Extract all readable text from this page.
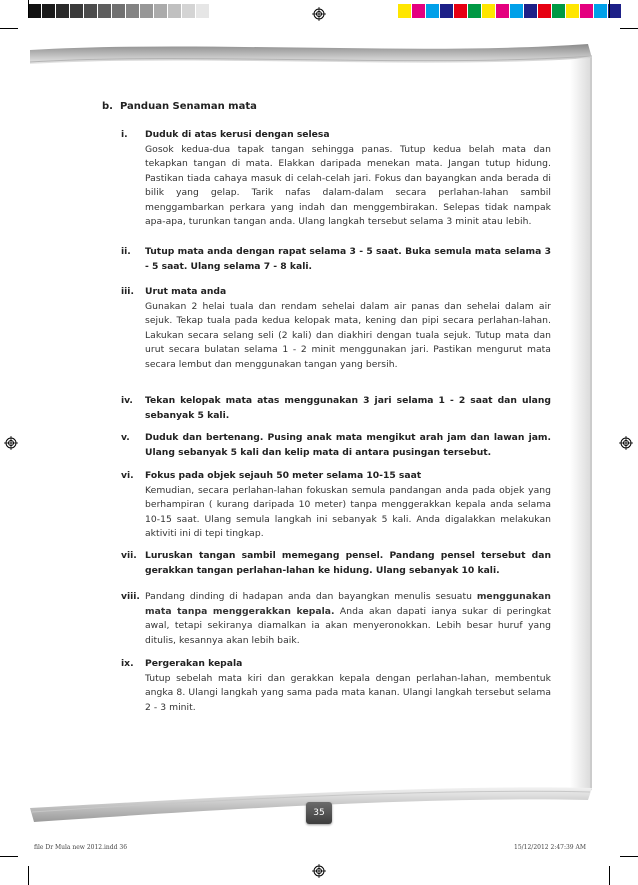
b. Panduan Senaman mata
i.	Duduk di atas kerusi dengan selesa
Gosok kedua-dua tapak tangan sehingga panas. Tutup kedua belah mata dan tekapkan tangan di mata. Elakkan daripada menekan mata. Jangan tutup hidung. Pastikan tiada cahaya masuk di celah-celah jari. Fokus dan bayangkan anda berada di bilik yang gelap. Tarik nafas dalam-dalam secara perlahan-lahan sambil menggambarkan perkara yang indah dan menggembirakan. Selepas tidak nampak apa-apa, turunkan tangan anda. Ulang langkah tersebut selama 3 minit atau lebih.
ii.	Tutup mata anda dengan rapat selama 3 - 5 saat. Buka semula mata selama 3 - 5 saat. Ulang selama 7 - 8 kali.
iii.	Urut mata anda
Gunakan 2 helai tuala dan rendam sehelai dalam air panas dan sehelai dalam air sejuk. Tekap tuala pada kedua kelopak mata, kening dan pipi secara perlahan-lahan. Lakukan secara selang seli (2 kali) dan diakhiri dengan tuala sejuk. Tutup mata dan urut secara bulatan selama 1 - 2 minit menggunakan jari. Pastikan mengurut mata secara lembut dan menggunakan tangan yang bersih.
iv.	Tekan kelopak mata atas menggunakan 3 jari selama 1 - 2 saat dan ulang sebanyak 5 kali.
v.	Duduk dan bertenang. Pusing anak mata mengikut arah jam dan lawan jam. Ulang sebanyak 5 kali dan kelip mata di antara pusingan tersebut.
vi.	Fokus pada objek sejauh 50 meter selama 10-15 saat
Kemudian, secara perlahan-lahan fokuskan semula pandangan anda pada objek yang berhampiran ( kurang daripada 10 meter) tanpa menggerakkan kepala anda selama 10-15 saat. Ulang semula langkah ini sebanyak 5 kali. Anda digalakkan melakukan aktiviti ini di tepi tingkap.
vii. Luruskan tangan sambil memegang pensel. Pandang pensel tersebut dan gerakkan tangan perlahan-lahan ke hidung. Ulang sebanyak 10 kali.
viii. Pandang dinding di hadapan anda dan bayangkan menulis sesuatu menggunakan mata tanpa menggerakkan kepala. Anda akan dapati ianya sukar di peringkat awal, tetapi sekiranya diamalkan ia akan menyeronokkan. Lebih besar huruf yang ditulis, kesannya akan lebih baik.
ix.	Pergerakan kepala
Tutup sebelah mata kiri dan gerakkan kepala dengan perlahan-lahan, membentuk angka 8. Ulangi langkah yang sama pada mata kanan. Ulangi langkah tersebut selama 2 - 3 minit.
35
file Dr Mula new 2012.indd 36	15/12/2012 2:47:39 AM
